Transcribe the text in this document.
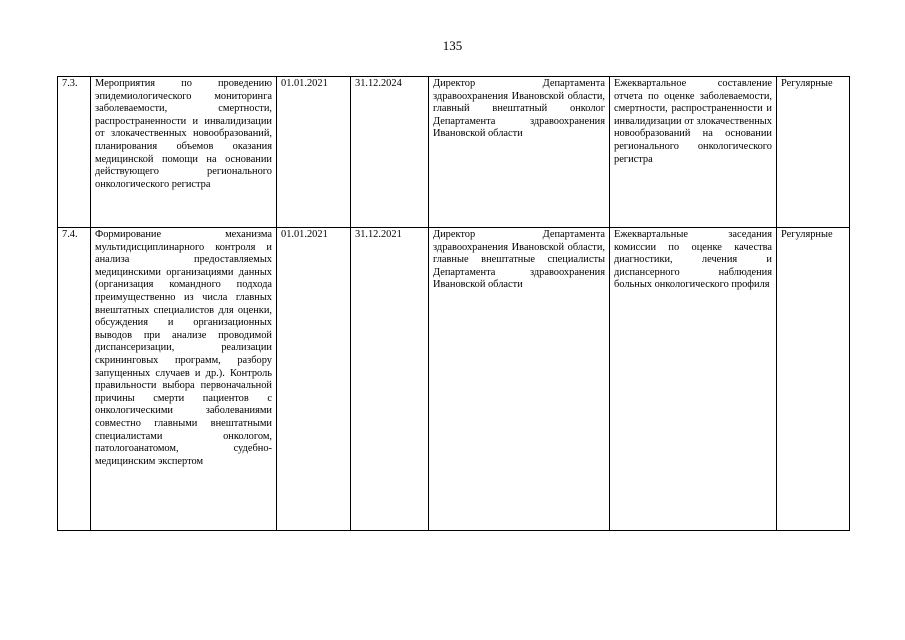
135
7.3.	Мероприятия по проведению эпидемиологического мониторинга заболеваемости, смертности, распространенности и инвалидизации от злокачественных новообразований, планирования объемов оказания медицинской помощи на основании действующего регионального онкологического регистра	01.01.2021	31.12.2024	Директор Департамента здравоохранения Ивановской области, главный внештатный онколог Департамента здравоохранения Ивановской области	Ежеквартальное составление отчета по оценке заболеваемости, смертности, распространенности и инвалидизации от злокачественных новообразований на основании регионального онкологического регистра	Регулярные
7.4.	Формирование механизма мультидисциплинарного контроля и анализа предоставляемых медицинскими организациями данных (организация командного подхода преимущественно из числа главных внештатных специалистов для оценки, обсуждения и организационных выводов при анализе проводимой диспансеризации, реализации скрининговых программ, разбору запущенных случаев и др.). Контроль правильности выбора первоначальной причины смерти пациентов с онкологическими заболеваниями совместно главными внештатными специалистами онкологом, патологоанатомом, судебно-медицинским экспертом	01.01.2021	31.12.2021	Директор Департамента здравоохранения Ивановской области, главные внештатные специалисты Департамента здравоохранения Ивановской области	Ежеквартальные заседания комиссии по оценке качества диагностики, лечения и диспансерного наблюдения больных онкологического профиля	Регулярные
